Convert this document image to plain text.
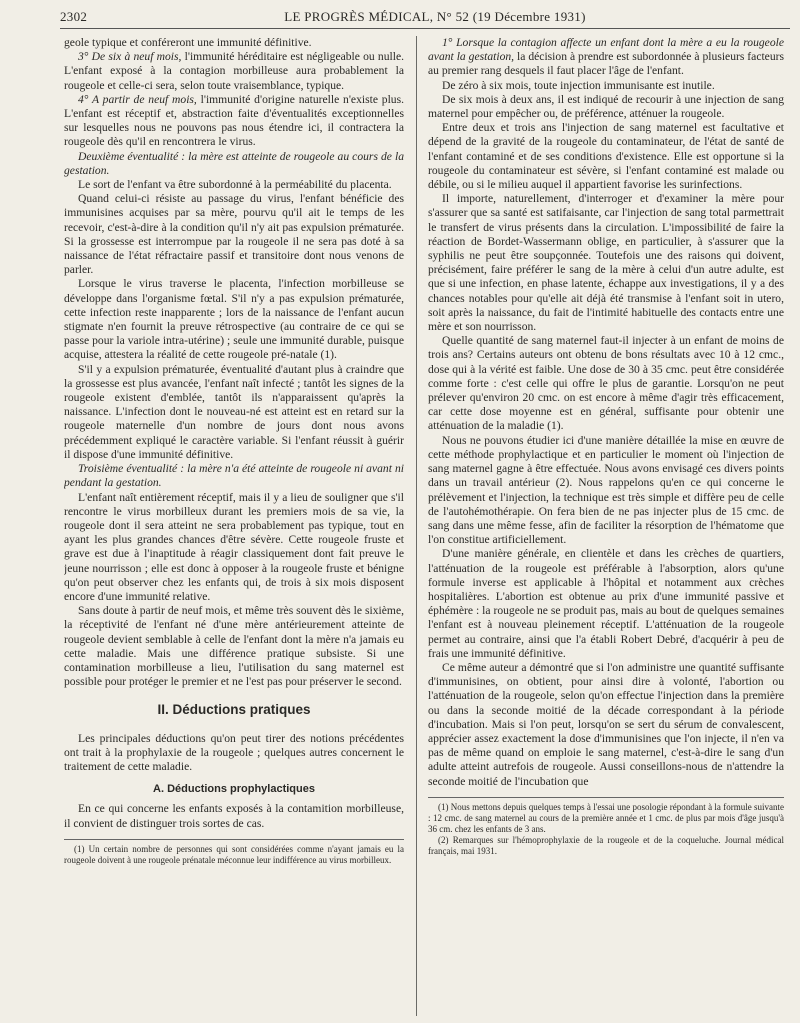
2302	LE PROGRÈS MÉDICAL, N° 52 (19 Décembre 1931)

geole typique et conféreront une immunité définitive.

3° De six à neuf mois, l'immunité héréditaire est négligeable ou nulle. L'enfant exposé à la contagion morbilleuse aura probablement la rougeole et celle-ci sera, selon toute vraisemblance, typique.

4° A partir de neuf mois, l'immunité d'origine naturelle n'existe plus. L'enfant est réceptif et, abstraction faite d'éventualités exceptionnelles sur lesquelles nous ne pouvons pas nous étendre ici, il contractera la rougeole dès qu'il en rencontrera le virus.

Deuxième éventualité : la mère est atteinte de rougeole au cours de la gestation.

Le sort de l'enfant va être subordonné à la perméabilité du placenta.

Quand celui-ci résiste au passage du virus, l'enfant bénéficie des immunisines acquises par sa mère, pourvu qu'il ait le temps de les recevoir, c'est-à-dire à la condition qu'il n'y ait pas expulsion prématurée. Si la grossesse est interrompue par la rougeole il ne sera pas doté à sa naissance de l'état réfractaire passif et transitoire dont nous venons de parler.

Lorsque le virus traverse le placenta, l'infection morbilleuse se développe dans l'organisme fœtal. S'il n'y a pas expulsion prématurée, cette infection reste inapparente ; lors de la naissance de l'enfant aucun stigmate n'en fournit la preuve rétrospective (au contraire de ce qui se passe pour la variole intra-utérine) ; seule une immunité durable, puisque acquise, attestera la réalité de cette rougeole pré-natale (1).

S'il y a expulsion prématurée, éventualité d'autant plus à craindre que la grossesse est plus avancée, l'enfant naît infecté ; tantôt les signes de la rougeole existent d'emblée, tantôt ils n'apparaissent qu'après la naissance. L'infection dont le nouveau-né est atteint est en retard sur la rougeole maternelle d'un nombre de jours dont nous avons précédemment expliqué le caractère variable. Si l'enfant réussit à guérir il dispose d'une immunité définitive.

Troisième éventualité : la mère n'a été atteinte de rougeole ni avant ni pendant la gestation.

L'enfant naît entièrement réceptif, mais il y a lieu de souligner que s'il rencontre le virus morbilleux durant les premiers mois de sa vie, la rougeole dont il sera atteint ne sera probablement pas typique, tout en ayant les plus grandes chances d'être sévère. Cette rougeole fruste et grave est due à l'inaptitude à réagir classiquement dont fait preuve le jeune nourrisson ; elle est donc à opposer à la rougeole fruste et bénigne qu'on peut observer chez les enfants qui, de trois à six mois disposent encore d'une immunité relative.

Sans doute à partir de neuf mois, et même très souvent dès le sixième, la réceptivité de l'enfant né d'une mère antérieurement atteinte de rougeole devient semblable à celle de l'enfant dont la mère n'a jamais eu cette maladie. Mais une différence pratique subsiste. Si une contamination morbilleuse a lieu, l'utilisation du sang maternel est possible pour protéger le premier et ne l'est pas pour préserver le second.

II. Déductions pratiques

Les principales déductions qu'on peut tirer des notions précédentes ont trait à la prophylaxie de la rougeole ; quelques autres concernent le traitement de cette maladie.

A. Déductions prophylactiques

En ce qui concerne les enfants exposés à la contamition morbilleuse, il convient de distinguer trois sortes de cas.

(1) Un certain nombre de personnes qui sont considérées comme n'ayant jamais eu la rougeole doivent à une rougeole prénatale méconnue leur indifférence au virus morbilleux.

1° Lorsque la contagion affecte un enfant dont la mère a eu la rougeole avant la gestation, la décision à prendre est subordonnée à plusieurs facteurs au premier rang desquels il faut placer l'âge de l'enfant.

De zéro à six mois, toute injection immunisante est inutile.

De six mois à deux ans, il est indiqué de recourir à une injection de sang maternel pour empêcher ou, de préférence, atténuer la rougeole.

Entre deux et trois ans l'injection de sang maternel est facultative et dépend de la gravité de la rougeole du contaminateur, de l'état de santé de l'enfant contaminé et de ses conditions d'existence. Elle est opportune si la rougeole du contaminateur est sévère, si l'enfant contaminé est malade ou débile, ou si le milieu auquel il appartient favorise les surinfections.

Il importe, naturellement, d'interroger et d'examiner la mère pour s'assurer que sa santé est satifaisante, car l'injection de sang total parmettrait le transfert de virus présents dans la circulation. L'impossibilité de faire la réaction de Bordet-Wassermann oblige, en particulier, à s'assurer que la syphilis ne peut être soupçonnée. Toutefois une des raisons qui doivent, précisément, faire préférer le sang de la mère à celui d'un autre adulte, est que si une infection, en phase latente, échappe aux investigations, il y a des chances notables pour qu'elle ait déjà été transmise à l'enfant soit in utero, soit après la naissance, du fait de l'intimité habituelle des contacts entre une mère et son nourrisson.

Quelle quantité de sang maternel faut-il injecter à un enfant de moins de trois ans? Certains auteurs ont obtenu de bons résultats avec 10 à 12 cmc., dose qui à la vérité est faible. Une dose de 30 à 35 cmc. peut être considérée comme forte : c'est celle qui offre le plus de garantie. Lorsqu'on ne peut prélever qu'environ 20 cmc. on est encore à même d'agir très efficacement, car cette dose moyenne est en général, suffisante pour obtenir une atténuation de la maladie (1).

Nous ne pouvons étudier ici d'une manière détaillée la mise en œuvre de cette méthode prophylactique et en particulier le moment où l'injection de sang maternel gagne à être effectuée. Nous avons envisagé ces divers points dans un travail antérieur (2). Nous rappelons qu'en ce qui concerne le prélèvement et l'injection, la technique est très simple et diffère peu de celle de l'autohémothérapie. On fera bien de ne pas injecter plus de 15 cmc. de sang dans une même fesse, afin de faciliter la résorption de l'hématome que l'on constitue artificiellement.

D'une manière générale, en clientèle et dans les crèches de quartiers, l'atténuation de la rougeole est préférable à l'absorption, alors qu'une formule inverse est applicable à l'hôpital et notamment aux crèches hospitalières. L'abortion est obtenue au prix d'une immunité passive et éphémère : la rougeole ne se produit pas, mais au bout de quelques semaines l'enfant est à nouveau pleinement réceptif. L'atténuation de la rougeole permet au contraire, ainsi que l'a établi Robert Debré, d'acquérir à peu de frais une immunité définitive.

Ce même auteur a démontré que si l'on administre une quantité suffisante d'immunisines, on obtient, pour ainsi dire à volonté, l'abortion ou l'atténuation de la rougeole, selon qu'on effectue l'injection dans la première ou dans la seconde moitié de la décade correspondant à la période d'incubation. Mais si l'on peut, lorsqu'on se sert du sérum de convalescent, apprécier assez exactement la dose d'immunisines que l'on injecte, il n'en va pas de même quand on emploie le sang maternel, c'est-à-dire le sang d'un adulte atteint autrefois de rougeole. Aussi conseillons-nous de n'attendre la seconde moitié de l'incubation que

(1) Nous mettons depuis quelques temps à l'essai une posologie répondant à la formule suivante : 12 cmc. de sang maternel au cours de la première année et 1 cmc. de plus par mois d'âge jusqu'à 36 cm. chez les enfants de 3 ans.

(2) Remarques sur l'hémoprophylaxie de la rougeole et de la coqueluche. Journal médical français, mai 1931.
